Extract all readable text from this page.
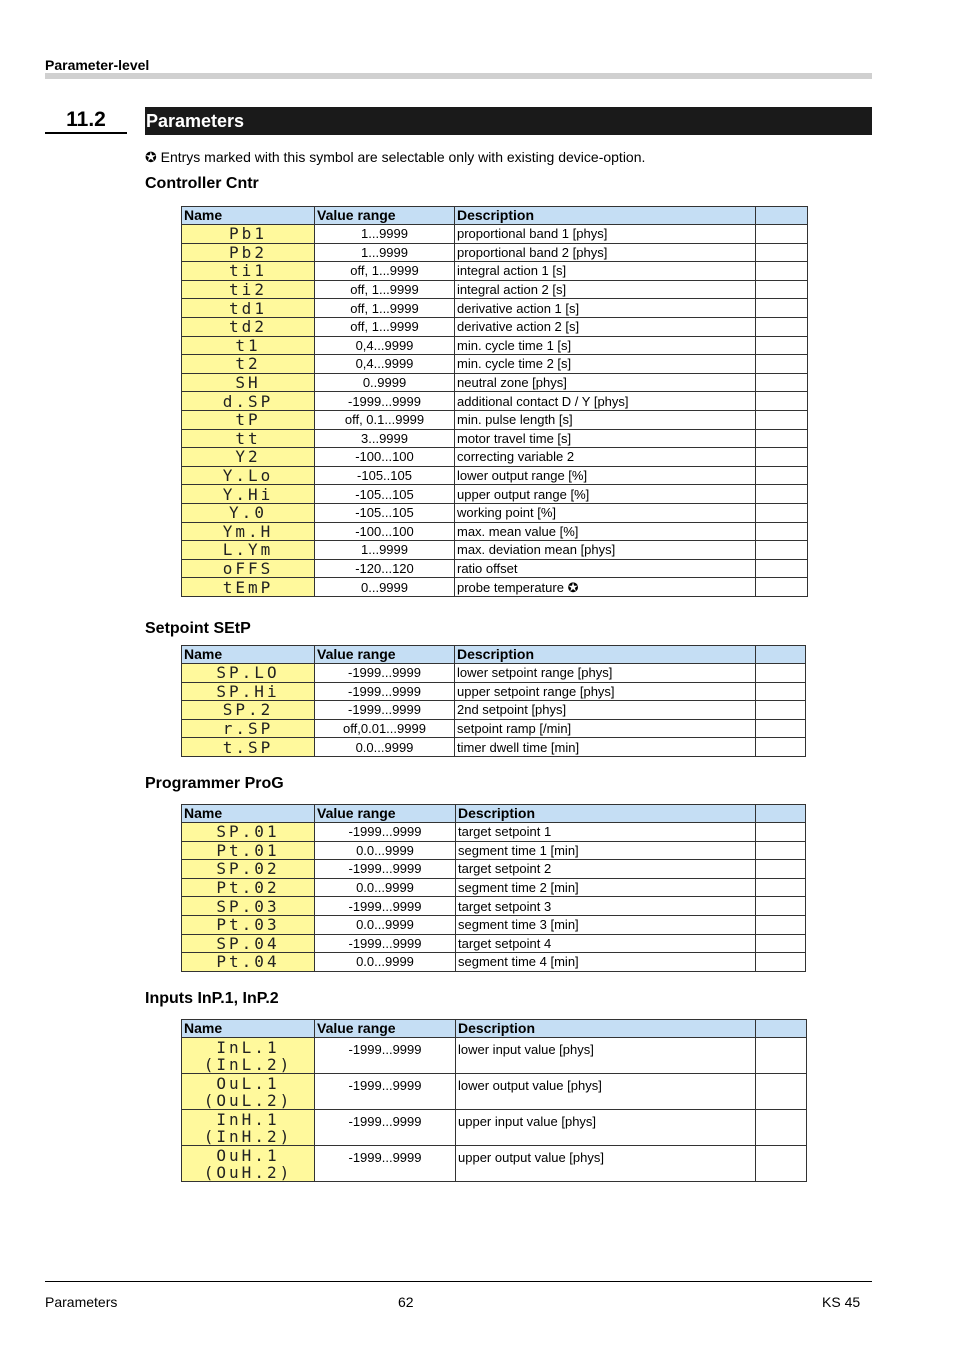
Parameter-level
11.2	Parameters
✪ Entrys marked with this symbol are selectable only with existing device-option.
Controller Cntr
Name	Value range	Description	
Pb1	1...9999	proportional band 1 [phys]	
Pb2	1...9999	proportional band 2 [phys]	
ti1	off, 1...9999	integral action 1 [s]	
ti2	off, 1...9999	integral action 2 [s]	
td1	off, 1...9999	derivative action 1 [s]	
td2	off, 1...9999	derivative action 2 [s]	
t1	0,4...9999	min. cycle time 1 [s]	
t2	0,4...9999	min. cycle time 2 [s]	
SH	0..9999	neutral zone [phys]	
d.SP	-1999...9999	additional contact D / Y [phys]	
tP	off, 0.1...9999	min. pulse length [s]	
tt	3...9999	motor travel time [s]	
Y2	-100...100	correcting variable 2	
Y.Lo	-105..105	lower output range [%]	
Y.Hi	-105...105	upper output range [%]	
Y.0	-105...105	working point [%]	
Ym.H	-100...100	max. mean value [%]	
L.Ym	1...9999	max. deviation mean [phys]	
oFFS	-120...120	ratio offset	
tEmP	0...9999	probe temperature ✪	
Setpoint SEtP
Name	Value range	Description	
SP.LO	-1999...9999	lower setpoint range [phys]	
SP.Hi	-1999...9999	upper setpoint range [phys]	
SP.2	-1999...9999	2nd setpoint [phys]	
r.SP	off,0.01...9999	setpoint ramp [/min]	
t.SP	0.0...9999	timer dwell time [min]	
Programmer ProG
Name	Value range	Description	
SP.01	-1999...9999	target setpoint 1	
Pt.01	0.0...9999	segment time 1 [min]	
SP.02	-1999...9999	target setpoint 2	
Pt.02	0.0...9999	segment time 2 [min]	
SP.03	-1999...9999	target setpoint 3	
Pt.03	0.0...9999	segment time 3 [min]	
SP.04	-1999...9999	target setpoint 4	
Pt.04	0.0...9999	segment time 4 [min]	
Inputs InP.1, InP.2
Name	Value range	Description	

InL.1
(InL.2)	-1999...9999	lower input value [phys]	

OuL.1
(OuL.2)	-1999...9999	lower output value [phys]	

InH.1
(InH.2)	-1999...9999	upper input value [phys]	

OuH.1
(OuH.2)	-1999...9999	upper output value [phys]	
Parameters	62	KS 45
